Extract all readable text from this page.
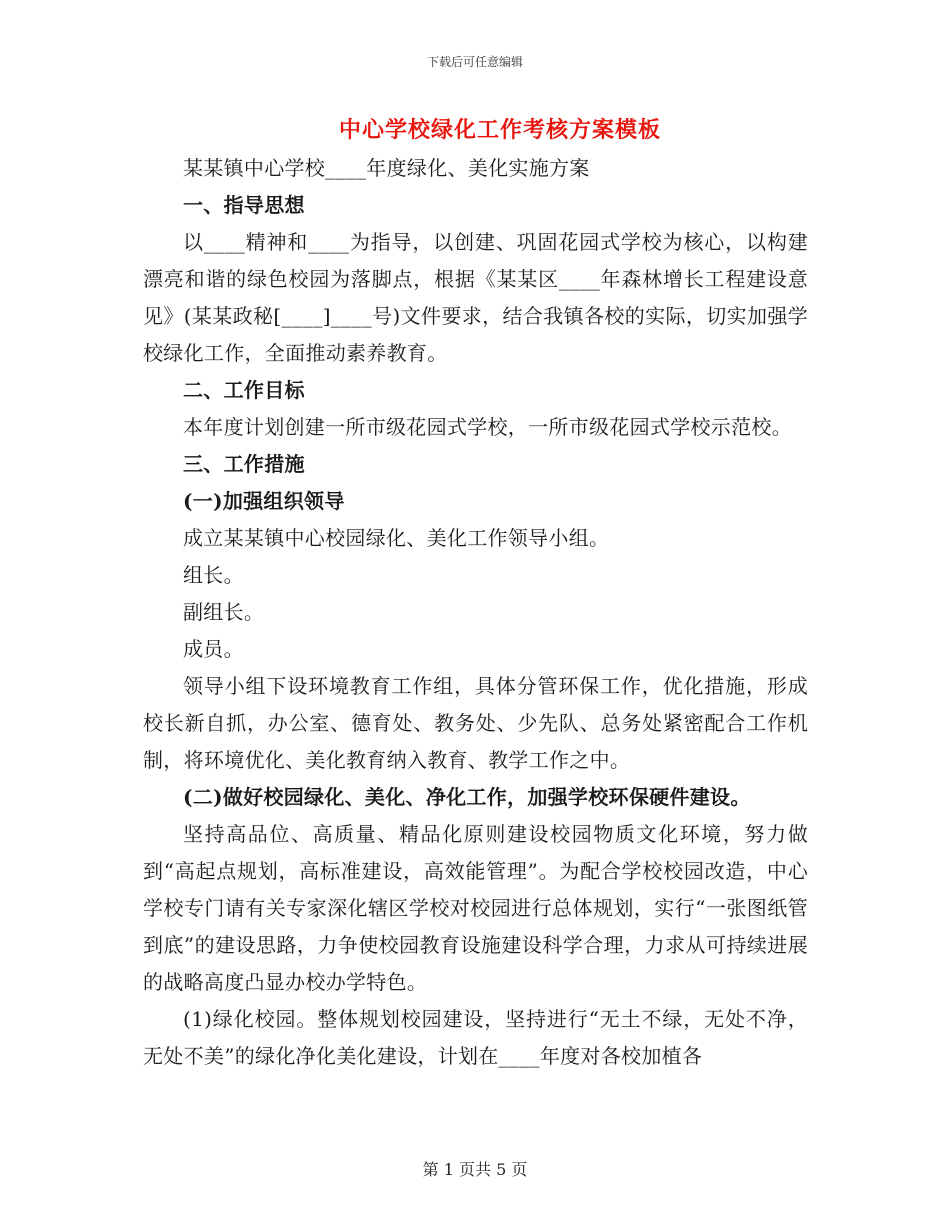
下载后可任意编辑
中心学校绿化工作考核方案模板

某某镇中心学校____年度绿化、美化实施方案

一、指导思想

以____精神和____为指导，以创建、巩固花园式学校为核心，以构建漂亮和谐的绿色校园为落脚点，根据《某某区____年森林增长工程建设意见》(某某政秘[____]____号)文件要求，结合我镇各校的实际，切实加强学校绿化工作，全面推动素养教育。

二、工作目标

本年度计划创建一所市级花园式学校，一所市级花园式学校示范校。

三、工作措施

(一)加强组织领导

成立某某镇中心校园绿化、美化工作领导小组。

组长。

副组长。

成员。

领导小组下设环境教育工作组，具体分管环保工作，优化措施，形成校长新自抓，办公室、德育处、教务处、少先队、总务处紧密配合工作机制，将环境优化、美化教育纳入教育、教学工作之中。

(二)做好校园绿化、美化、净化工作，加强学校环保硬件建设。

坚持高品位、高质量、精品化原则建设校园物质文化环境，努力做到“高起点规划，高标准建设，高效能管理”。为配合学校校园改造，中心学校专门请有关专家深化辖区学校对校园进行总体规划，实行“一张图纸管到底”的建设思路，力争使校园教育设施建设科学合理，力求从可持续进展的战略高度凸显办校办学特色。

(1)绿化校园。整体规划校园建设，坚持进行“无土不绿，无处不净，无处不美”的绿化净化美化建设，计划在____年度对各校加植各

第 1 页共 5 页
